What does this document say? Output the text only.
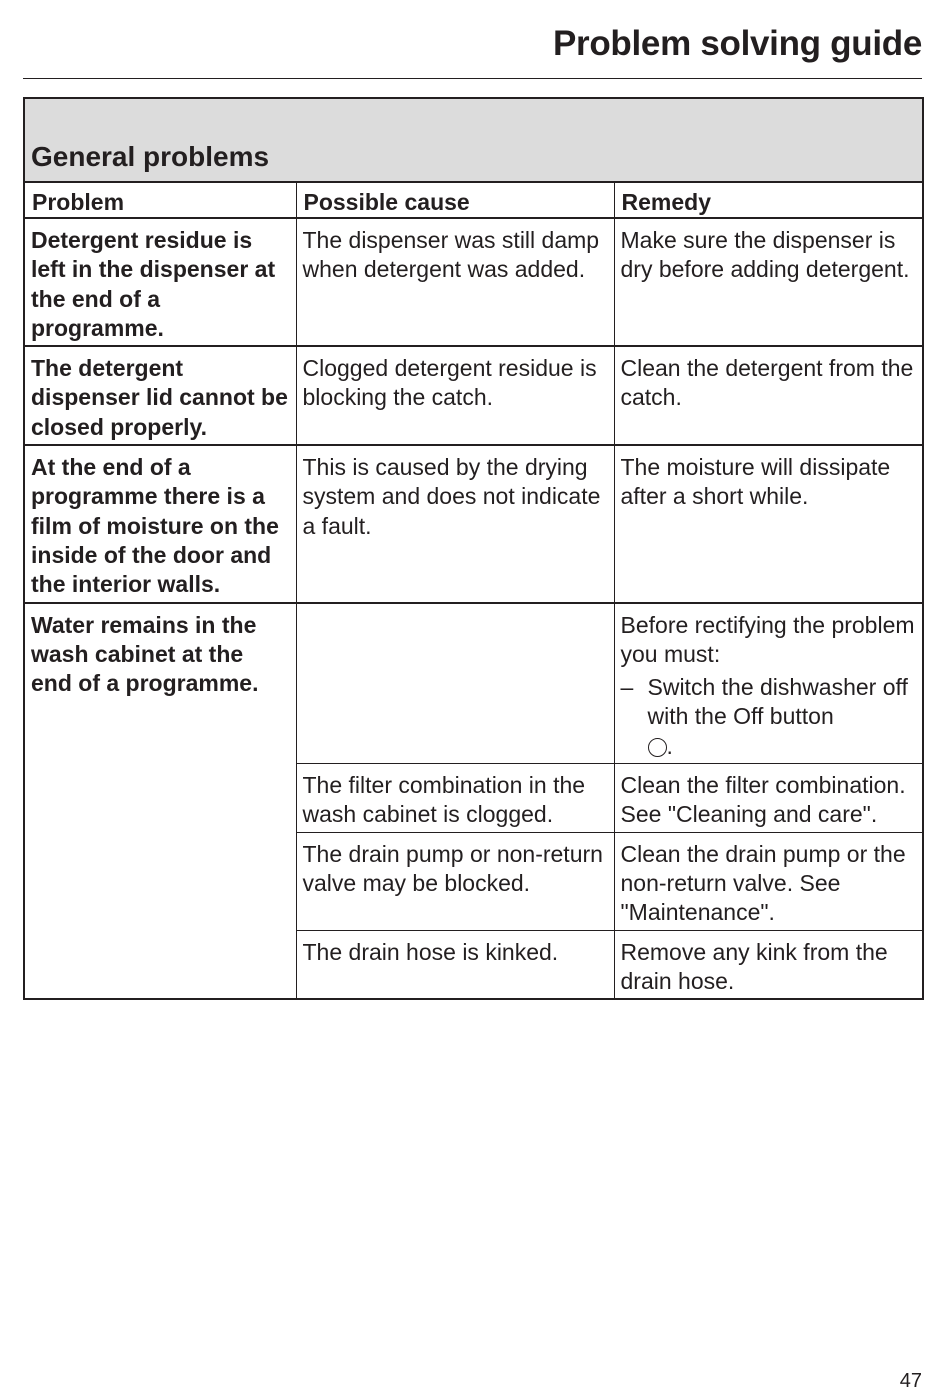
Problem solving guide
General problems		
Problem	Possible cause	Remedy
Detergent residue is left in the dispenser at the end of a programme.	The dispenser was still damp when detergent was added.	Make sure the dispenser is dry before adding detergent.
The detergent dispenser lid cannot be closed properly.	Clogged detergent residue is blocking the catch.	Clean the detergent from the catch.
At the end of a programme there is a film of moisture on the inside of the door and the interior walls.	This is caused by the drying system and does not indicate a fault.	The moisture will dissipate after a short while.
Water remains in the wash cabinet at the end of a programme.		Before rectifying the problem you must:
– Switch the dishwasher off with the Off button
.

	The filter combination in the wash cabinet is clogged.	Clean the filter combination. See "Cleaning and care".
	The drain pump or non-return valve may be blocked.	Clean the drain pump or the non-return valve. See "Maintenance".
	The drain hose is kinked.	Remove any kink from the drain hose.
47
